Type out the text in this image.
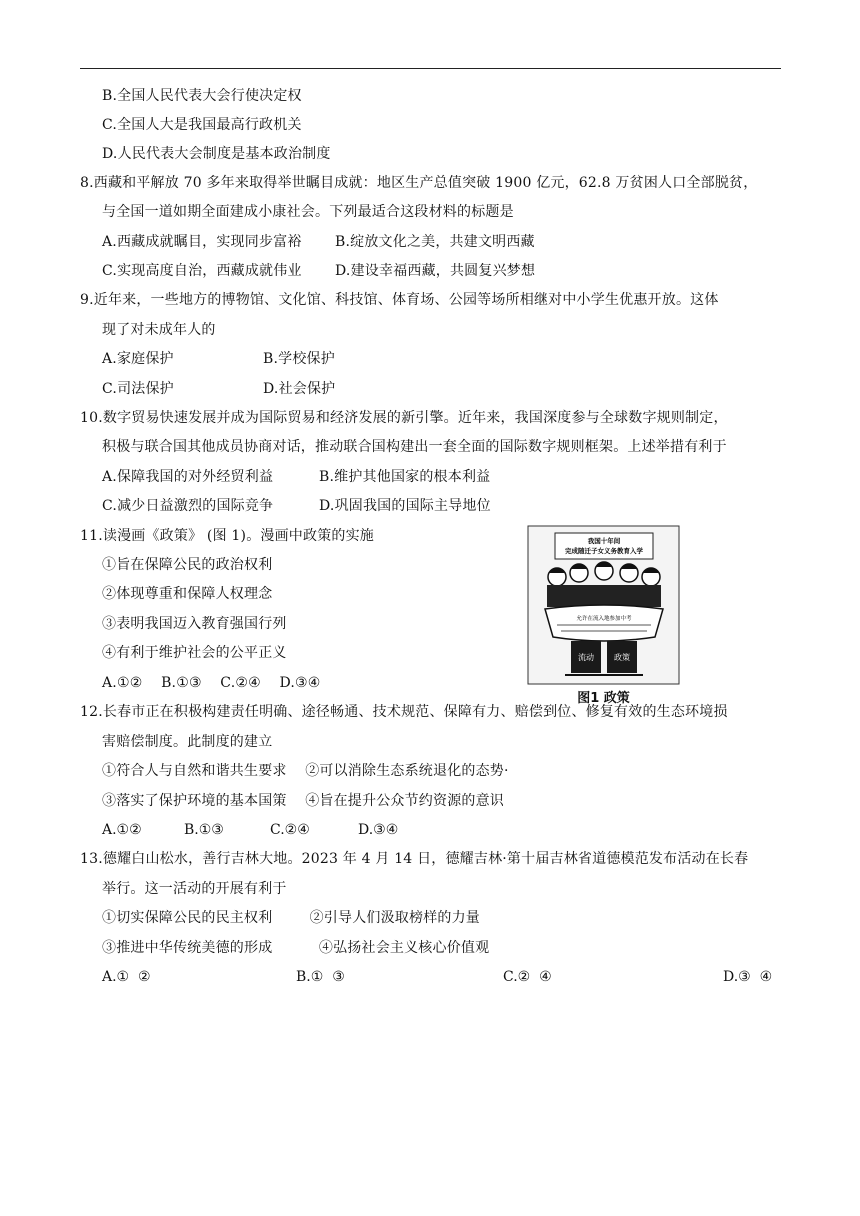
B.全国人民代表大会行使决定权
C.全国人大是我国最高行政机关
D.人民代表大会制度是基本政治制度
8.西藏和平解放 70 多年来取得举世瞩目成就：地区生产总值突破 1900 亿元，62.8 万贫困人口全部脱贫，
与全国一道如期全面建成小康社会。下列最适合这段材料的标题是
A.西藏成就瞩目，实现同步富裕 B.绽放文化之美，共建文明西藏
C.实现高度自治，西藏成就伟业 D.建设幸福西藏，共圆复兴梦想
9.近年来，一些地方的博物馆、文化馆、科技馆、体育场、公园等场所相继对中小学生优惠开放。这体
现了对未成年人的
A.家庭保护	B.学校保护
C.司法保护	D.社会保护
10.数字贸易快速发展并成为国际贸易和经济发展的新引擎。近年来，我国深度参与全球数字规则制定，
积极与联合国其他成员协商对话，推动联合国构建出一套全面的国际数字规则框架。上述举措有利于
A.保障我国的对外经贸利益	B.维护其他国家的根本利益
C.减少日益激烈的国际竞争	D.巩固我国的国际主导地位
11.读漫画《政策》 (图 1)。漫画中政策的实施
①旨在保障公民的政治权利
②体现尊重和保障人权理念
③表明我国迈入教育强国行列
④有利于维护社会的公平正义
A.①②    B.①③    C.②④    D.③④
我国十年间
完成随迁子女义务教育入学
允许在流入地参加中考
流动	政策
图1 政策
12.长春市正在积极构建责任明确、途径畅通、技术规范、保障有力、赔偿到位、修复有效的生态环境损
害赔偿制度。此制度的建立
①符合人与自然和谐共生要求    ②可以消除生态系统退化的态势·
③落实了保护环境的基本国策    ④旨在提升公众节约资源的意识
A.①②	B.①③	C.②④	D.③④
13.德耀白山松水，善行吉林大地。2023 年 4 月 14 日，德耀吉林·第十届吉林省道德模范发布活动在长春
举行。这一活动的开展有利于
①切实保障公民的民主权利        ②引导人们汲取榜样的力量
③推进中华传统美德的形成          ④弘扬社会主义核心价值观
A.①  ②	B.①  ③	C.②  ④	D.③  ④
